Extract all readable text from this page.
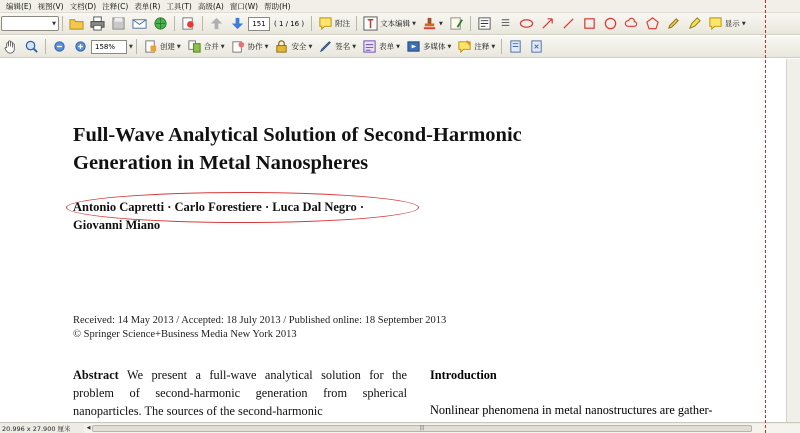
编辑(E) 视图(V) 文档(D) 注释(C) 表单(R) 工具(T) 高级(A) 窗口(W) 帮助(H)
▼	151	( 1 / 16 )	附注	文本编辑 ▼	▼	显示 ▼
158%	▼	创建 ▼	合并 ▼	协作 ▼	安全 ▼	签名 ▼	表单 ▼	多媒体 ▼	注释 ▼
Full-Wave Analytical Solution of Second-Harmonic
Generation in Metal Nanospheres
Antonio Capretti · Carlo Forestiere · Luca Dal Negro ·
Giovanni Miano
Received: 14 May 2013 / Accepted: 18 July 2013 / Published online: 18 September 2013
© Springer Science+Business Media New York 2013
Abstract We present a full-wave analytical solution for the problem of second-harmonic generation from spherical nanoparticles. The sources of the second-harmonic
Introduction
Nonlinear phenomena in metal nanostructures are gather-
20.996 x 27.900 厘米	◀	|||
